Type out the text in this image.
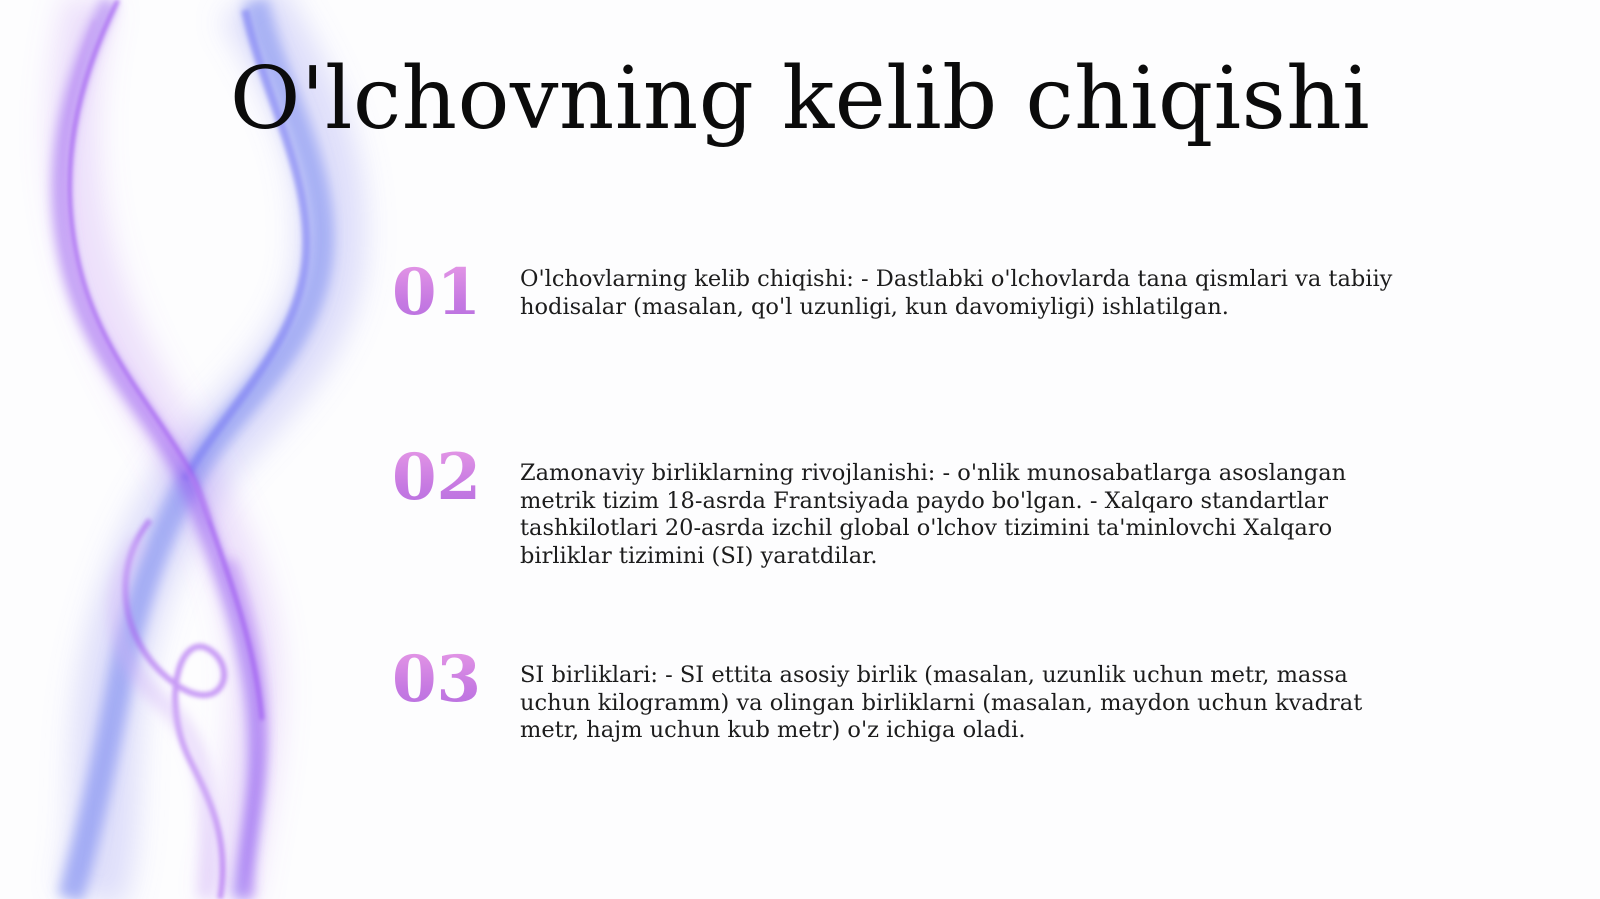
O'lchovning kelib chiqishi
01	O'lchovlarning kelib chiqishi: - Dastlabki o'lchovlarda tana qismlari va tabiiy hodisalar (masalan, qo'l uzunligi, kun davomiyligi) ishlatilgan.
02	Zamonaviy birliklarning rivojlanishi: - o'nlik munosabatlarga asoslangan metrik tizim 18-asrda Frantsiyada paydo bo'lgan. - Xalqaro standartlar tashkilotlari 20-asrda izchil global o'lchov tizimini ta'minlovchi Xalqaro birliklar tizimini (SI) yaratdilar.
03	SI birliklari: - SI ettita asosiy birlik (masalan, uzunlik uchun metr, massa uchun kilogramm) va olingan birliklarni (masalan, maydon uchun kvadrat metr, hajm uchun kub metr) o'z ichiga oladi.
